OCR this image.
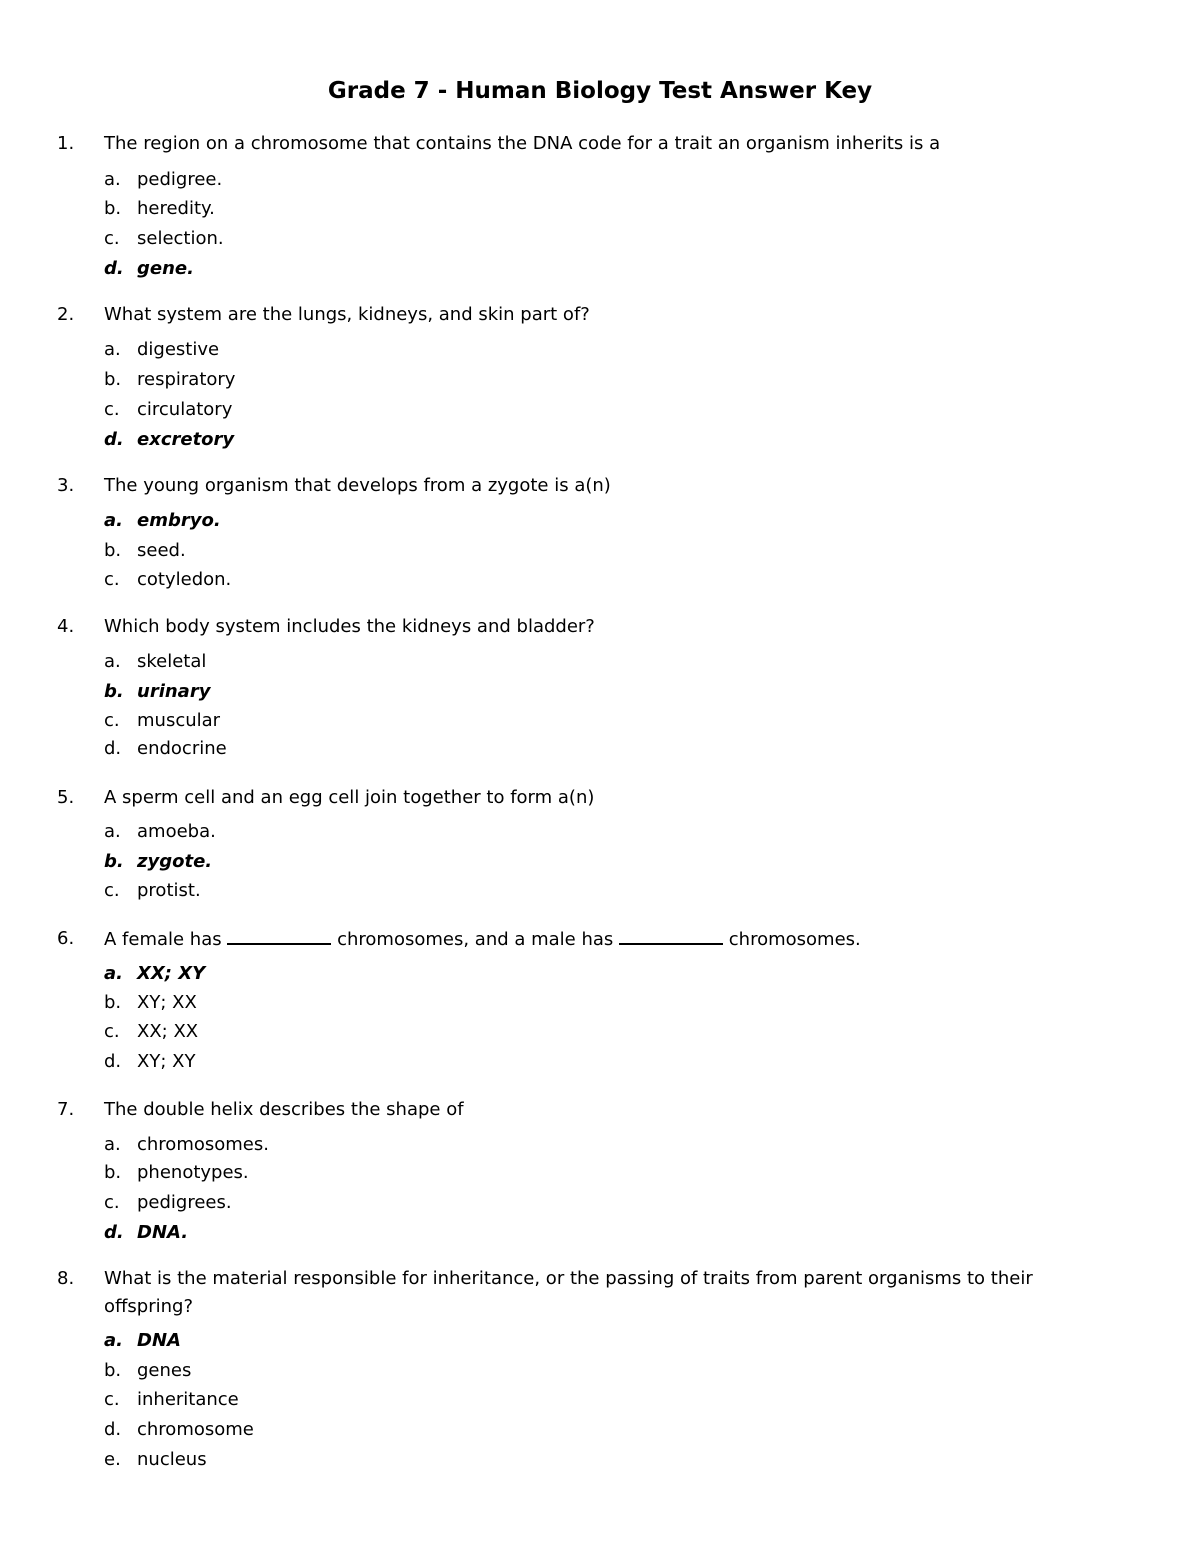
Grade 7 - Human Biology Test Answer Key
1. The region on a chromosome that contains the DNA code for a trait an organism inherits is a
a. pedigree.
b. heredity.
c. selection.
d. gene.
2. What system are the lungs, kidneys, and skin part of?
a. digestive
b. respiratory
c. circulatory
d. excretory
3. The young organism that develops from a zygote is a(n)
a. embryo.
b. seed.
c. cotyledon.
4. Which body system includes the kidneys and bladder?
a. skeletal
b. urinary
c. muscular
d. endocrine
5. A sperm cell and an egg cell join together to form a(n)
a. amoeba.
b. zygote.
c. protist.
6. A female has	chromosomes, and a male has	chromosomes.
a. XX; XY
b. XY; XX
c. XX; XX
d. XY; XY
7. The double helix describes the shape of
a. chromosomes.
b. phenotypes.
c. pedigrees.
d. DNA.
8. What is the material responsible for inheritance, or the passing of traits from parent organisms to their offspring?
a. DNA
b. genes
c. inheritance
d. chromosome
e. nucleus
